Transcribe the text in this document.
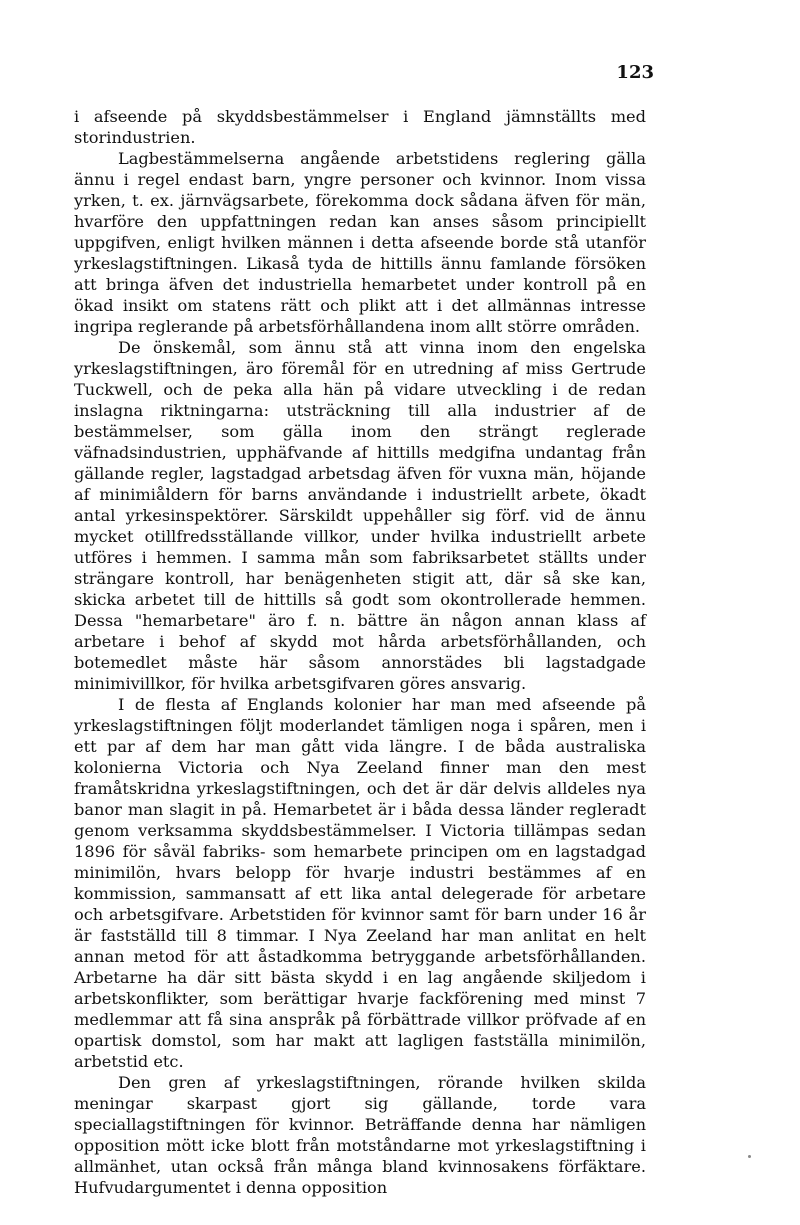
123

i afseende på skyddsbestämmelser i England jämnställts med storindustrien.

Lagbestämmelserna angående arbetstidens reglering gälla ännu i regel endast barn, yngre personer och kvinnor. Inom vissa yrken, t. ex. järnvägsarbete, förekomma dock sådana äfven för män, hvarföre den uppfattningen redan kan anses såsom principiellt uppgifven, enligt hvilken männen i detta afseende borde stå utanför yrkeslagstiftningen. Likaså tyda de hittills ännu famlande försöken att bringa äfven det industriella hemarbetet under kontroll på en ökad insikt om statens rätt och plikt att i det allmännas intresse ingripa reglerande på arbetsförhållandena inom allt större områden.

De önskemål, som ännu stå att vinna inom den engelska yrkeslagstiftningen, äro föremål för en utredning af miss Gertrude Tuckwell, och de peka alla hän på vidare utveckling i de redan inslagna riktningarna: utsträckning till alla industrier af de bestämmelser, som gälla inom den strängt reglerade väfnadsindustrien, upphäfvande af hittills medgifna undantag från gällande regler, lagstadgad arbetsdag äfven för vuxna män, höjande af minimiåldern för barns användande i industriellt arbete, ökadt antal yrkesinspektörer. Särskildt uppehåller sig förf. vid de ännu mycket otillfredsställande villkor, under hvilka industriellt arbete utföres i hemmen. I samma mån som fabriksarbetet ställts under strängare kontroll, har benägenheten stigit att, där så ske kan, skicka arbetet till de hittills så godt som okontrollerade hemmen. Dessa "hemarbetare" äro f. n. bättre än någon annan klass af arbetare i behof af skydd mot hårda arbetsförhållanden, och botemedlet måste här såsom annorstädes bli lagstadgade minimivillkor, för hvilka arbetsgifvaren göres ansvarig.

I de flesta af Englands kolonier har man med afseende på yrkeslagstiftningen följt moderlandet tämligen noga i spåren, men i ett par af dem har man gått vida längre. I de båda australiska kolonierna Victoria och Nya Zeeland finner man den mest framåtskridna yrkeslagstiftningen, och det är där delvis alldeles nya banor man slagit in på. Hemarbetet är i båda dessa länder regleradt genom verksamma skyddsbestämmelser. I Victoria tillämpas sedan 1896 för såväl fabriks- som hemarbete principen om en lagstadgad minimilön, hvars belopp för hvarje industri bestämmes af en kommission, sammansatt af ett lika antal delegerade för arbetare och arbetsgifvare. Arbetstiden för kvinnor samt för barn under 16 år är fastställd till 8 timmar. I Nya Zeeland har man anlitat en helt annan metod för att åstadkomma betryggande arbetsförhållanden. Arbetarne ha där sitt bästa skydd i en lag angående skiljedom i arbetskonflikter, som berättigar hvarje fackförening med minst 7 medlemmar att få sina anspråk på förbättrade villkor pröfvade af en opartisk domstol, som har makt att lagligen fastställa minimilön, arbetstid etc.

Den gren af yrkeslagstiftningen, rörande hvilken skilda meningar skarpast gjort sig gällande, torde vara speciallagstiftningen för kvinnor. Beträffande denna har nämligen opposition mött icke blott från motståndarne mot yrkeslagstiftning i allmänhet, utan också från många bland kvinnosakens förfäktare. Hufvudargumentet i denna opposition
